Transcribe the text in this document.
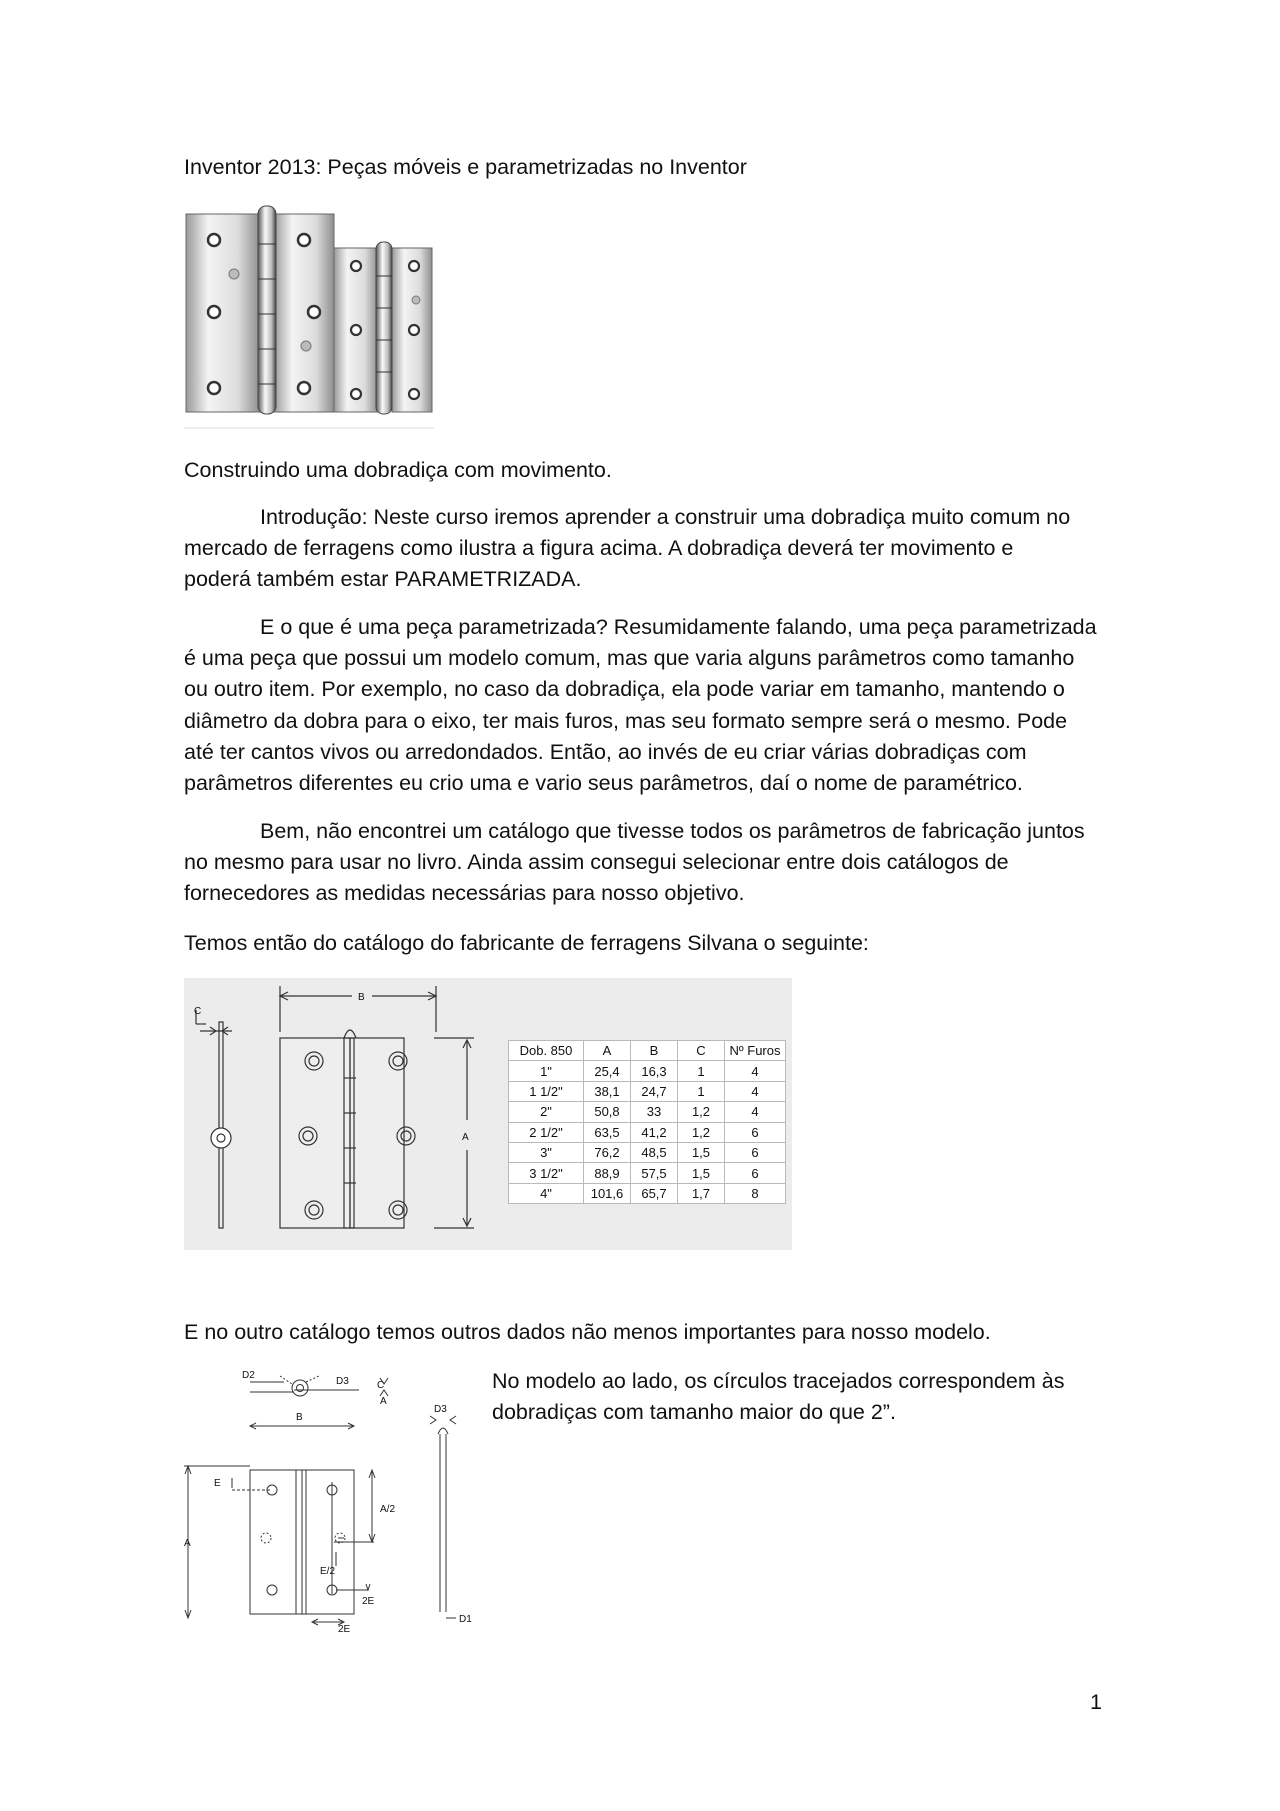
Inventor 2013: Peças móveis e parametrizadas no Inventor
Construindo uma dobradiça com movimento.
Introdução: Neste curso iremos aprender a construir uma dobradiça muito comum no
mercado de ferragens como ilustra a figura acima. A dobradiça deverá ter movimento e
poderá também estar PARAMETRIZADA.
E o que é uma peça parametrizada? Resumidamente falando, uma peça parametrizada
é uma peça que possui um modelo comum, mas que varia alguns parâmetros como tamanho
ou outro item. Por exemplo, no caso da dobradiça, ela pode variar em tamanho, mantendo o
diâmetro da dobra para o eixo, ter mais furos, mas seu formato sempre será o mesmo. Pode
até ter cantos vivos ou arredondados. Então, ao invés de eu criar várias dobradiças com
parâmetros diferentes eu crio uma e vario seus parâmetros, daí o nome de paramétrico.
Bem, não encontrei um catálogo que tivesse todos os parâmetros de fabricação juntos
no mesmo para usar no livro. Ainda assim consegui selecionar entre dois catálogos de
fornecedores as medidas necessárias para nosso objetivo.
Temos então do catálogo do fabricante de ferragens Silvana o seguinte:
C
B
A
Dob. 850	A	B	C	Nº Furos
1"	25,4	16,3	1	4
1 1/2"	38,1	24,7	1	4
2"	50,8	33	1,2	4
2 1/2"	63,5	41,2	1,2	6
3"	76,2	48,5	1,5	6
3 1/2"	88,9	57,5	1,5	6
4"	101,6	65,7	1,7	8
E no outro catálogo temos outros dados não menos importantes para nosso modelo.
D2
D3	C
A
B
D3
E
A
A/2
E/2
2E
2E
D1
No modelo ao lado, os círculos tracejados correspondem às
dobradiças com tamanho maior do que 2”.
1
